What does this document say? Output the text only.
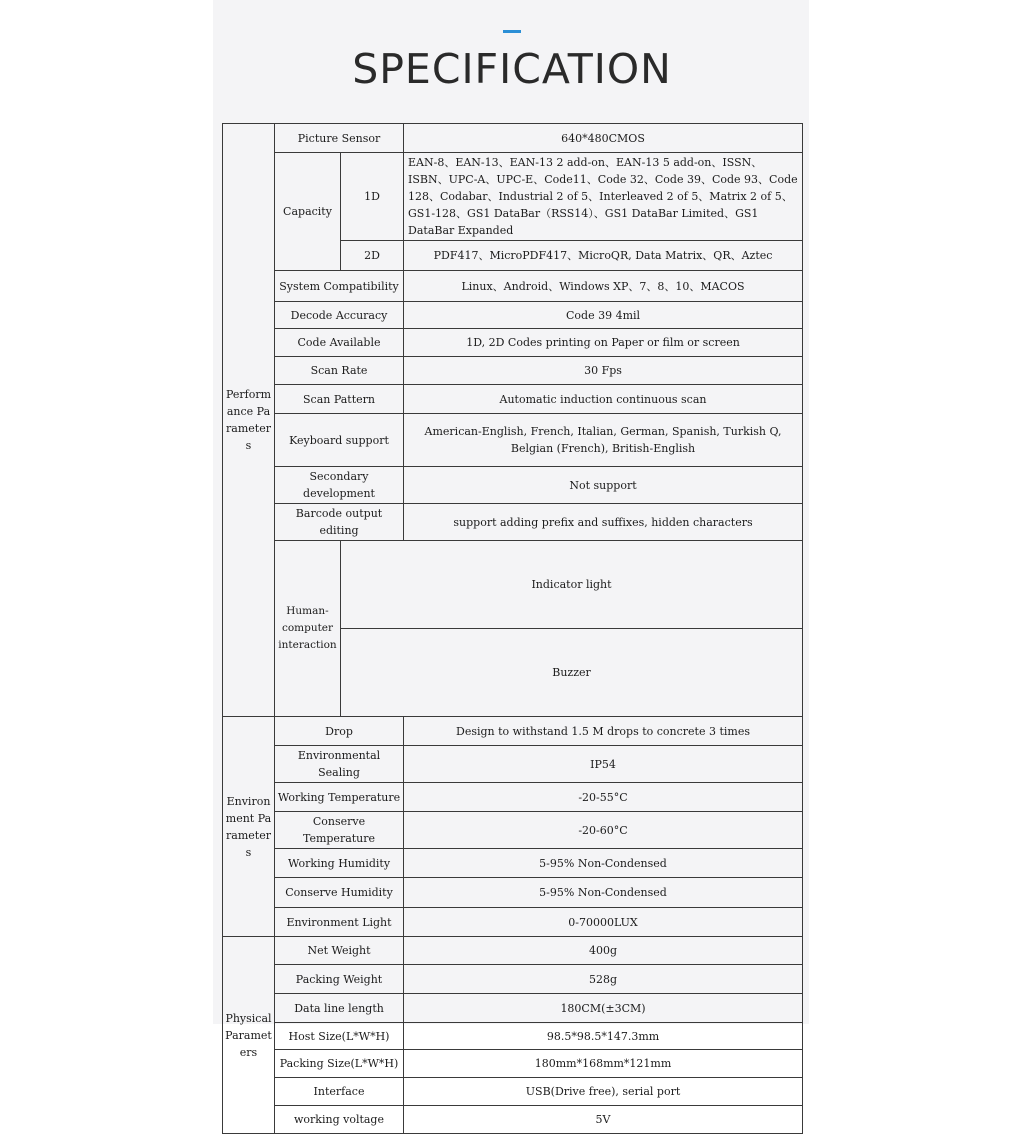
SPECIFICATION
Performance Parameters	Picture Sensor		640*480CMOS	
	Capacity	1D	EAN-8、EAN-13、EAN-13 2 add-on、EAN-13 5 add-on、ISSN、ISBN、UPC-A、UPC-E、Code11、Code 32、Code 39、Code 93、Code 128、Codabar、Industrial 2 of 5、Interleaved 2 of 5、Matrix 2 of 5、GS1-128、GS1 DataBar（RSS14）、GS1 DataBar Limited、GS1 DataBar Expanded	
		2D	PDF417、MicroPDF417、MicroQR, Data Matrix、QR、Aztec	
	System Compatibility		Linux、Android、Windows XP、7、8、10、MACOS	
	Decode Accuracy		Code 39 4mil	
	Code Available		1D, 2D Codes printing on Paper or film or screen	
	Scan Rate		30 Fps	
	Scan Pattern		Automatic induction continuous scan	
	Keyboard support		American-English, French, Italian, German, Spanish, Turkish Q, Belgian (French), British-English	
	Secondary development		Not support	
	Barcode output editing		support adding prefix and suffixes, hidden characters	
	Human-computer interaction	Indicator light	
		Buzzer	
Environment Parameters	Drop		Design to withstand 1.5 M drops to concrete 3 times	
	Environmental Sealing		IP54	
	Working Temperature		-20-55°C	
	Conserve Temperature		-20-60°C	
	Working Humidity		5-95% Non-Condensed	
	Conserve Humidity		5-95% Non-Condensed	
	Environment Light		0-70000LUX	
Physical Parameters	Net Weight		400g	
	Packing Weight		528g	
	Data line length		180CM(±3CM)	
	Host Size(L*W*H)		98.5*98.5*147.3mm	
	Packing Size(L*W*H)		180mm*168mm*121mm	
	Interface		USB(Drive free), serial port	
	working voltage		5V	
